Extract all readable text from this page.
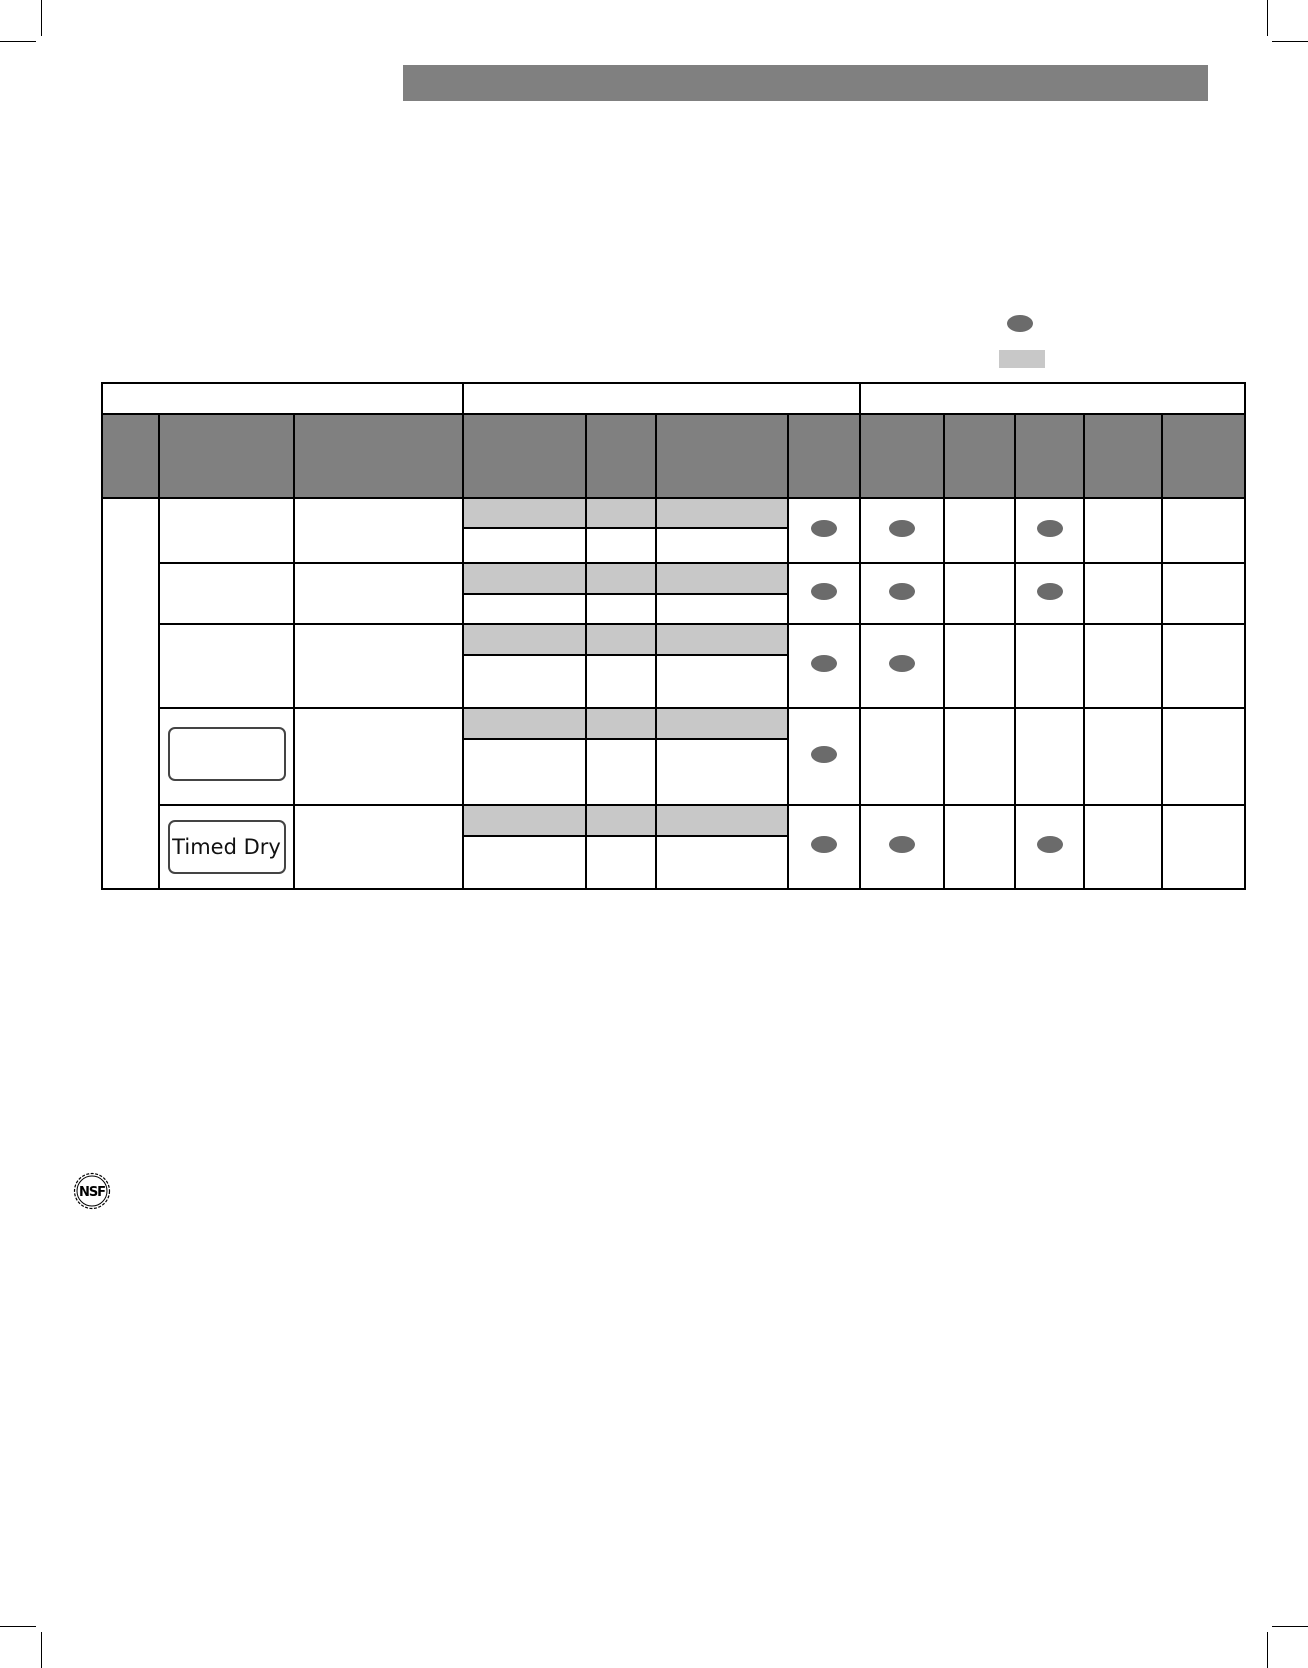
	Timed Dry										

NSF
